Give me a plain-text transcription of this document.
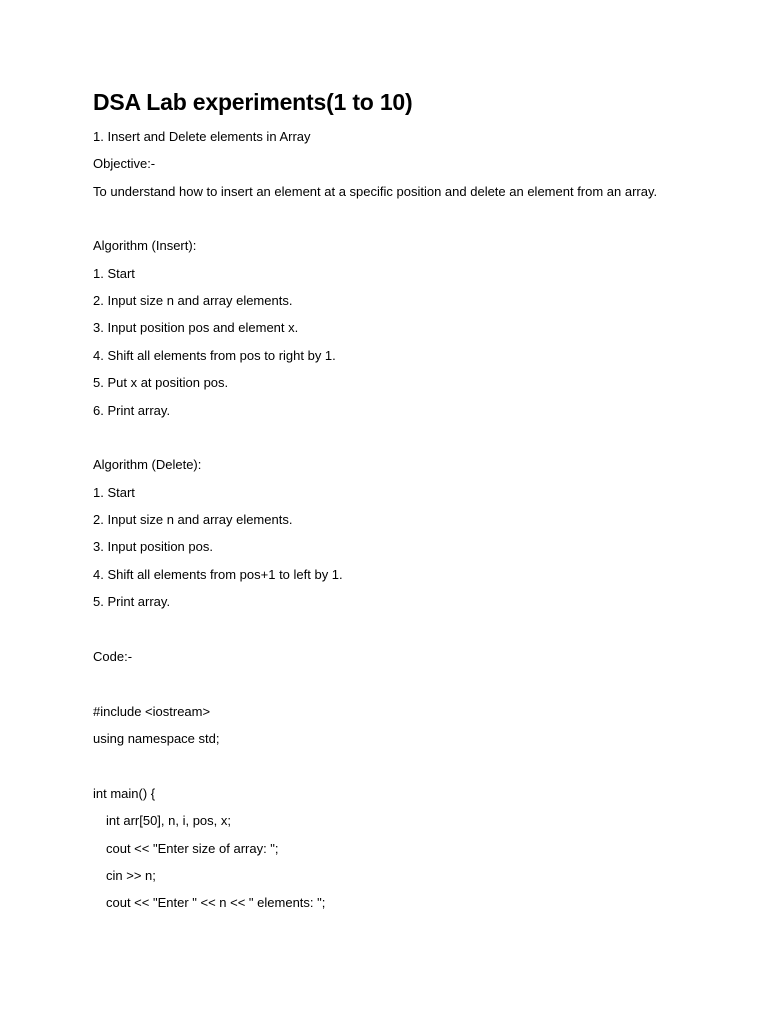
DSA Lab experiments(1 to 10)
1. Insert and Delete elements in Array
Objective:-
To understand how to insert an element at a specific position and delete an element from an array.
Algorithm (Insert):
1. Start
2. Input size n and array elements.
3. Input position pos and element x.
4. Shift all elements from pos to right by 1.
5. Put x at position pos.
6. Print array.
Algorithm (Delete):
1. Start
2. Input size n and array elements.
3. Input position pos.
4. Shift all elements from pos+1 to left by 1.
5. Print array.
Code:-
#include <iostream>
using namespace std;
int main() {
int arr[50], n, i, pos, x;
cout << "Enter size of array: ";
cin >> n;
cout << "Enter " << n << " elements: ";
